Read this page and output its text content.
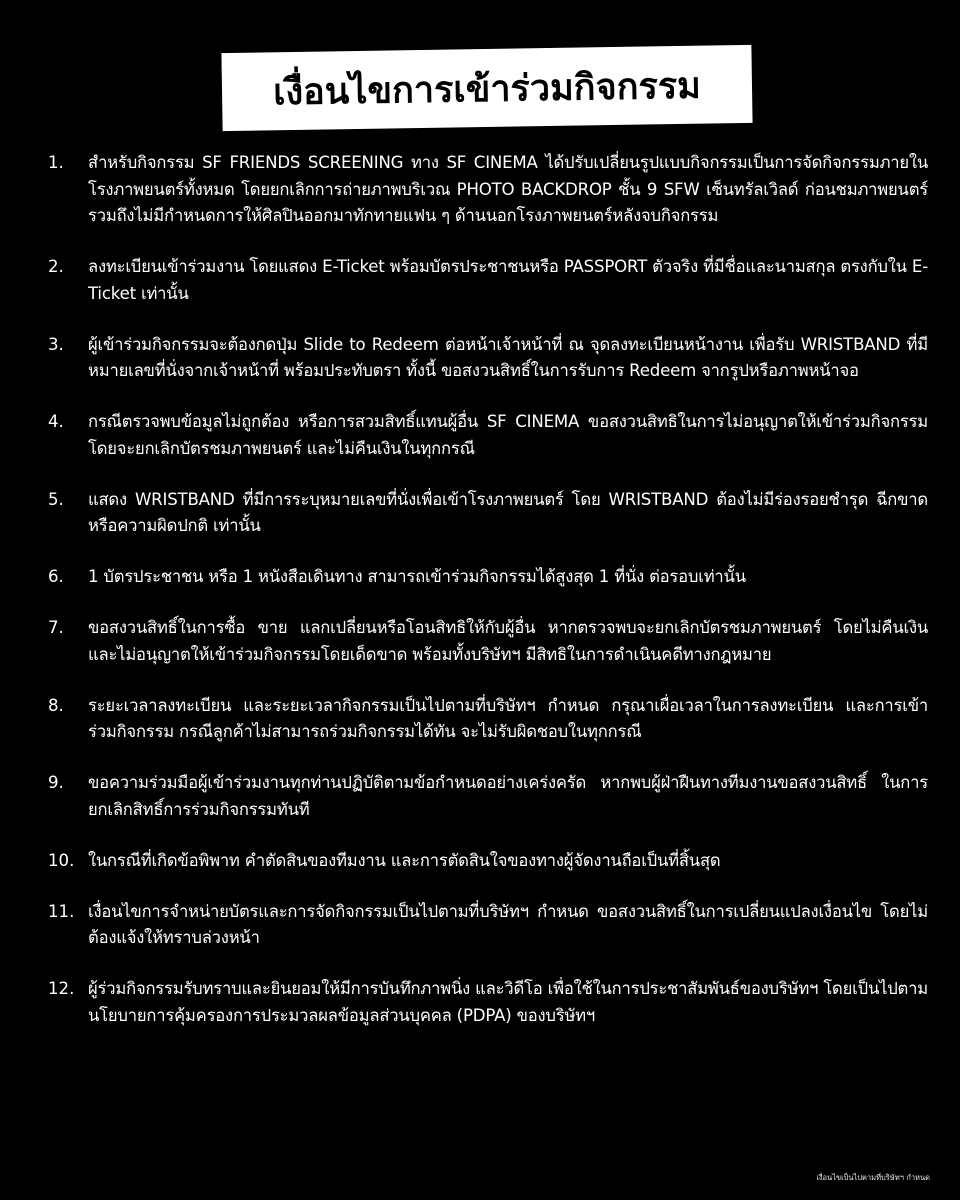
เงื่อนไขการเข้าร่วมกิจกรรม
1.	สำหรับกิจกรรม SF FRIENDS SCREENING ทาง SF CINEMA ได้ปรับเปลี่ยนรูปแบบกิจกรรมเป็นการจัดกิจกรรมภายในโรงภาพยนตร์ทั้งหมด โดยยกเลิกการถ่ายภาพบริเวณ PHOTO BACKDROP ชั้น 9 SFW เซ็นทรัลเวิลด์ ก่อนชมภาพยนตร์ รวมถึงไม่มีกำหนดการให้ศิลปินออกมาทักทายแฟน ๆ ด้านนอกโรงภาพยนตร์หลังจบกิจกรรม
2.	ลงทะเบียนเข้าร่วมงาน โดยแสดง E-Ticket พร้อมบัตรประชาชนหรือ PASSPORT ตัวจริง ที่มีชื่อและนามสกุล ตรงกับใน E-Ticket เท่านั้น
3.	ผู้เข้าร่วมกิจกรรมจะต้องกดปุ่ม Slide to Redeem ต่อหน้าเจ้าหน้าที่ ณ จุดลงทะเบียนหน้างาน เพื่อรับ WRISTBAND ที่มีหมายเลขที่นั่งจากเจ้าหน้าที่ พร้อมประทับตรา ทั้งนี้ ขอสงวนสิทธิ์ในการรับการ Redeem จากรูปหรือภาพหน้าจอ
4.	กรณีตรวจพบข้อมูลไม่ถูกต้อง หรือการสวมสิทธิ์แทนผู้อื่น SF CINEMA ขอสงวนสิทธิในการไม่อนุญาตให้เข้าร่วมกิจกรรม โดยจะยกเลิกบัตรชมภาพยนตร์ และไม่คืนเงินในทุกกรณี
5.	แสดง WRISTBAND ที่มีการระบุหมายเลขที่นั่งเพื่อเข้าโรงภาพยนตร์ โดย WRISTBAND ต้องไม่มีร่องรอยชำรุด ฉีกขาด หรือความผิดปกติ เท่านั้น
6.	1 บัตรประชาชน หรือ 1 หนังสือเดินทาง สามารถเข้าร่วมกิจกรรมได้สูงสุด 1 ที่นั่ง ต่อรอบเท่านั้น
7.	ขอสงวนสิทธิ์ในการซื้อ ขาย แลกเปลี่ยนหรือโอนสิทธิให้กับผู้อื่น หากตรวจพบจะยกเลิกบัตรชมภาพยนตร์ โดยไม่คืนเงิน และไม่อนุญาตให้เข้าร่วมกิจกรรมโดยเด็ดขาด พร้อมทั้งบริษัทฯ มีสิทธิในการดำเนินคดีทางกฎหมาย
8.	ระยะเวลาลงทะเบียน และระยะเวลากิจกรรมเป็นไปตามที่บริษัทฯ กำหนด กรุณาเผื่อเวลาในการลงทะเบียน และการเข้าร่วมกิจกรรม กรณีลูกค้าไม่สามารถร่วมกิจกรรมได้ทัน จะไม่รับผิดชอบในทุกกรณี
9.	ขอความร่วมมือผู้เข้าร่วมงานทุกท่านปฏิบัติตามข้อกำหนดอย่างเคร่งครัด หากพบผู้ฝ่าฝืนทางทีมงานขอสงวนสิทธิ์ ในการยกเลิกสิทธิ์การร่วมกิจกรรมทันที
10. ในกรณีที่เกิดข้อพิพาท คำตัดสินของทีมงาน และการตัดสินใจของทางผู้จัดงานถือเป็นที่สิ้นสุด
11. เงื่อนไขการจำหน่ายบัตรและการจัดกิจกรรมเป็นไปตามที่บริษัทฯ กำหนด ขอสงวนสิทธิ์ในการเปลี่ยนแปลงเงื่อนไข โดยไม่ต้องแจ้งให้ทราบล่วงหน้า
12. ผู้ร่วมกิจกรรมรับทราบและยินยอมให้มีการบันทึกภาพนิ่ง และวิดีโอ เพื่อใช้ในการประชาสัมพันธ์ของบริษัทฯ โดยเป็นไปตามนโยบายการคุ้มครองการประมวลผลข้อมูลส่วนบุคคล (PDPA) ของบริษัทฯ
เงื่อนไขเป็นไปตามที่บริษัทฯ กำหนด
